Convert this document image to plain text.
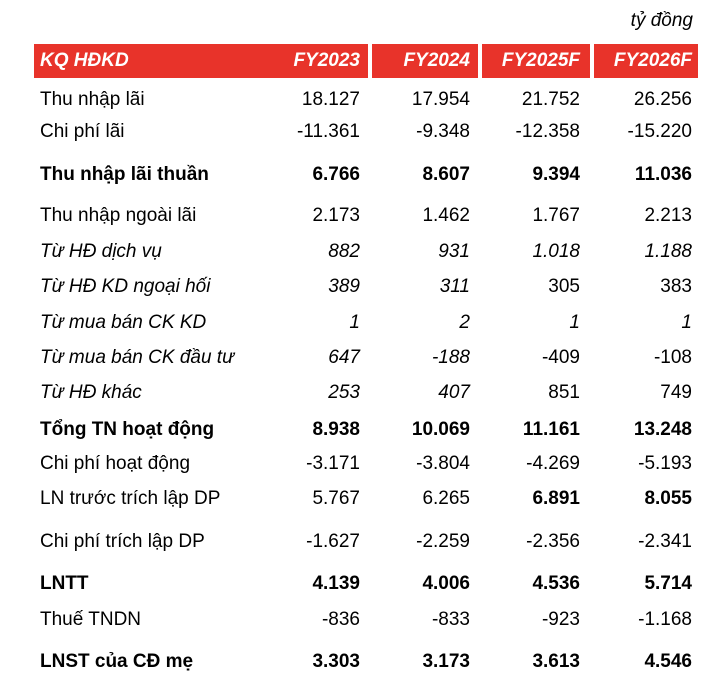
tỷ đồng
KQ HĐKD	FY2023	FY2024	FY2025F	FY2026F
Thu nhập lãi	18.127	17.954	21.752	26.256
Chi phí lãi	-11.361	-9.348	-12.358	-15.220
Thu nhập lãi thuần	6.766	8.607	9.394	11.036
Thu nhập ngoài lãi	2.173	1.462	1.767	2.213
Từ HĐ dịch vụ	882	931	1.018	1.188
Từ HĐ KD ngoại hối	389	311	305	383
Từ mua bán CK KD	1	2	1	1
Từ mua bán CK đầu tư	647	-188	-409	-108
Từ HĐ khác	253	407	851	749
Tổng TN hoạt động	8.938	10.069	11.161	13.248
Chi phí hoạt động	-3.171	-3.804	-4.269	-5.193
LN trước trích lập DP	5.767	6.265	6.891	8.055
Chi phí trích lập DP	-1.627	-2.259	-2.356	-2.341
LNTT	4.139	4.006	4.536	5.714
Thuế TNDN	-836	-833	-923	-1.168
LNST của CĐ mẹ	3.303	3.173	3.613	4.546
